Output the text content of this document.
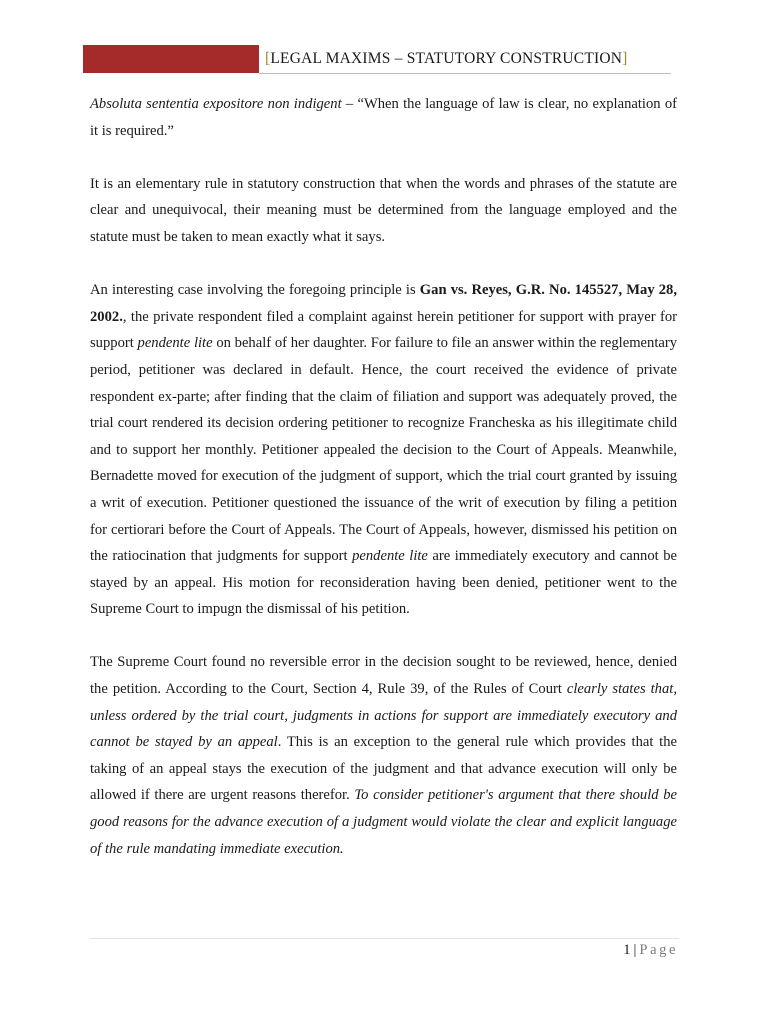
[LEGAL MAXIMS – STATUTORY CONSTRUCTION]

Absoluta sententia expositore non indigent – “When the language of law is clear, no explanation of it is required.”

It is an elementary rule in statutory construction that when the words and phrases of the statute are clear and unequivocal, their meaning must be determined from the language employed and the statute must be taken to mean exactly what it says.

An interesting case involving the foregoing principle is Gan vs. Reyes, G.R. No. 145527, May 28, 2002., the private respondent filed a complaint against herein petitioner for support with prayer for support pendente lite on behalf of her daughter. For failure to file an answer within the reglementary period, petitioner was declared in default. Hence, the court received the evidence of private respondent ex-parte; after finding that the claim of filiation and support was adequately proved, the trial court rendered its decision ordering petitioner to recognize Francheska as his illegitimate child and to support her monthly. Petitioner appealed the decision to the Court of Appeals. Meanwhile, Bernadette moved for execution of the judgment of support, which the trial court granted by issuing a writ of execution. Petitioner questioned the issuance of the writ of execution by filing a petition for certiorari before the Court of Appeals. The Court of Appeals, however, dismissed his petition on the ratiocination that judgments for support pendente lite are immediately executory and cannot be stayed by an appeal. His motion for reconsideration having been denied, petitioner went to the Supreme Court to impugn the dismissal of his petition.

The Supreme Court found no reversible error in the decision sought to be reviewed, hence, denied the petition. According to the Court, Section 4, Rule 39, of the Rules of Court clearly states that, unless ordered by the trial court, judgments in actions for support are immediately executory and cannot be stayed by an appeal. This is an exception to the general rule which provides that the taking of an appeal stays the execution of the judgment and that advance execution will only be allowed if there are urgent reasons therefor. To consider petitioner's argument that there should be good reasons for the advance execution of a judgment would violate the clear and explicit language of the rule mandating immediate execution.

1 | Page
